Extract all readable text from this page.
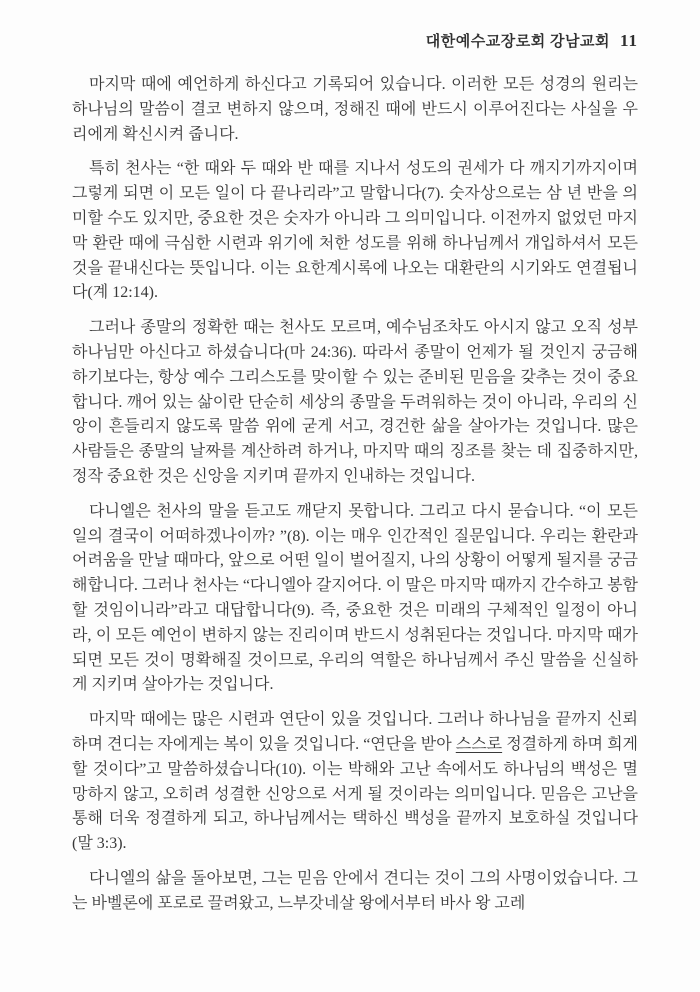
대한예수교장로회 강남교회 11

마지막 때에 예언하게 하신다고 기록되어 있습니다. 이러한 모든 성경의 원리는 하나님의 말씀이 결코 변하지 않으며, 정해진 때에 반드시 이루어진다는 사실을 우리에게 확신시켜 줍니다.

특히 천사는 “한 때와 두 때와 반 때를 지나서 성도의 권세가 다 깨지기까지이며 그렇게 되면 이 모든 일이 다 끝나리라”고 말합니다(7). 숫자상으로는 삼 년 반을 의미할 수도 있지만, 중요한 것은 숫자가 아니라 그 의미입니다. 이전까지 없었던 마지막 환란 때에 극심한 시련과 위기에 처한 성도를 위해 하나님께서 개입하셔서 모든 것을 끝내신다는 뜻입니다. 이는 요한계시록에 나오는 대환란의 시기와도 연결됩니다(계 12:14).

그러나 종말의 정확한 때는 천사도 모르며, 예수님조차도 아시지 않고 오직 성부 하나님만 아신다고 하셨습니다(마 24:36). 따라서 종말이 언제가 될 것인지 궁금해하기보다는, 항상 예수 그리스도를 맞이할 수 있는 준비된 믿음을 갖추는 것이 중요합니다. 깨어 있는 삶이란 단순히 세상의 종말을 두려워하는 것이 아니라, 우리의 신앙이 흔들리지 않도록 말씀 위에 굳게 서고, 경건한 삶을 살아가는 것입니다. 많은 사람들은 종말의 날짜를 계산하려 하거나, 마지막 때의 징조를 찾는 데 집중하지만, 정작 중요한 것은 신앙을 지키며 끝까지 인내하는 것입니다.

다니엘은 천사의 말을 듣고도 깨닫지 못합니다. 그리고 다시 묻습니다. “이 모든 일의 결국이 어떠하겠나이까? ”(8). 이는 매우 인간적인 질문입니다. 우리는 환란과 어려움을 만날 때마다, 앞으로 어떤 일이 벌어질지, 나의 상황이 어떻게 될지를 궁금해합니다. 그러나 천사는 “다니엘아 갈지어다. 이 말은 마지막 때까지 간수하고 봉함할 것임이니라”라고 대답합니다(9). 즉, 중요한 것은 미래의 구체적인 일정이 아니라, 이 모든 예언이 변하지 않는 진리이며 반드시 성취된다는 것입니다. 마지막 때가 되면 모든 것이 명확해질 것이므로, 우리의 역할은 하나님께서 주신 말씀을 신실하게 지키며 살아가는 것입니다.

마지막 때에는 많은 시련과 연단이 있을 것입니다. 그러나 하나님을 끝까지 신뢰하며 견디는 자에게는 복이 있을 것입니다. “연단을 받아 스스로 정결하게 하며 희게 할 것이다”고 말씀하셨습니다(10). 이는 박해와 고난 속에서도 하나님의 백성은 멸망하지 않고, 오히려 성결한 신앙으로 서게 될 것이라는 의미입니다. 믿음은 고난을 통해 더욱 정결하게 되고, 하나님께서는 택하신 백성을 끝까지 보호하실 것입니다(말 3:3).

다니엘의 삶을 돌아보면, 그는 믿음 안에서 견디는 것이 그의 사명이었습니다. 그는 바벨론에 포로로 끌려왔고, 느부갓네살 왕에서부터 바사 왕 고레
